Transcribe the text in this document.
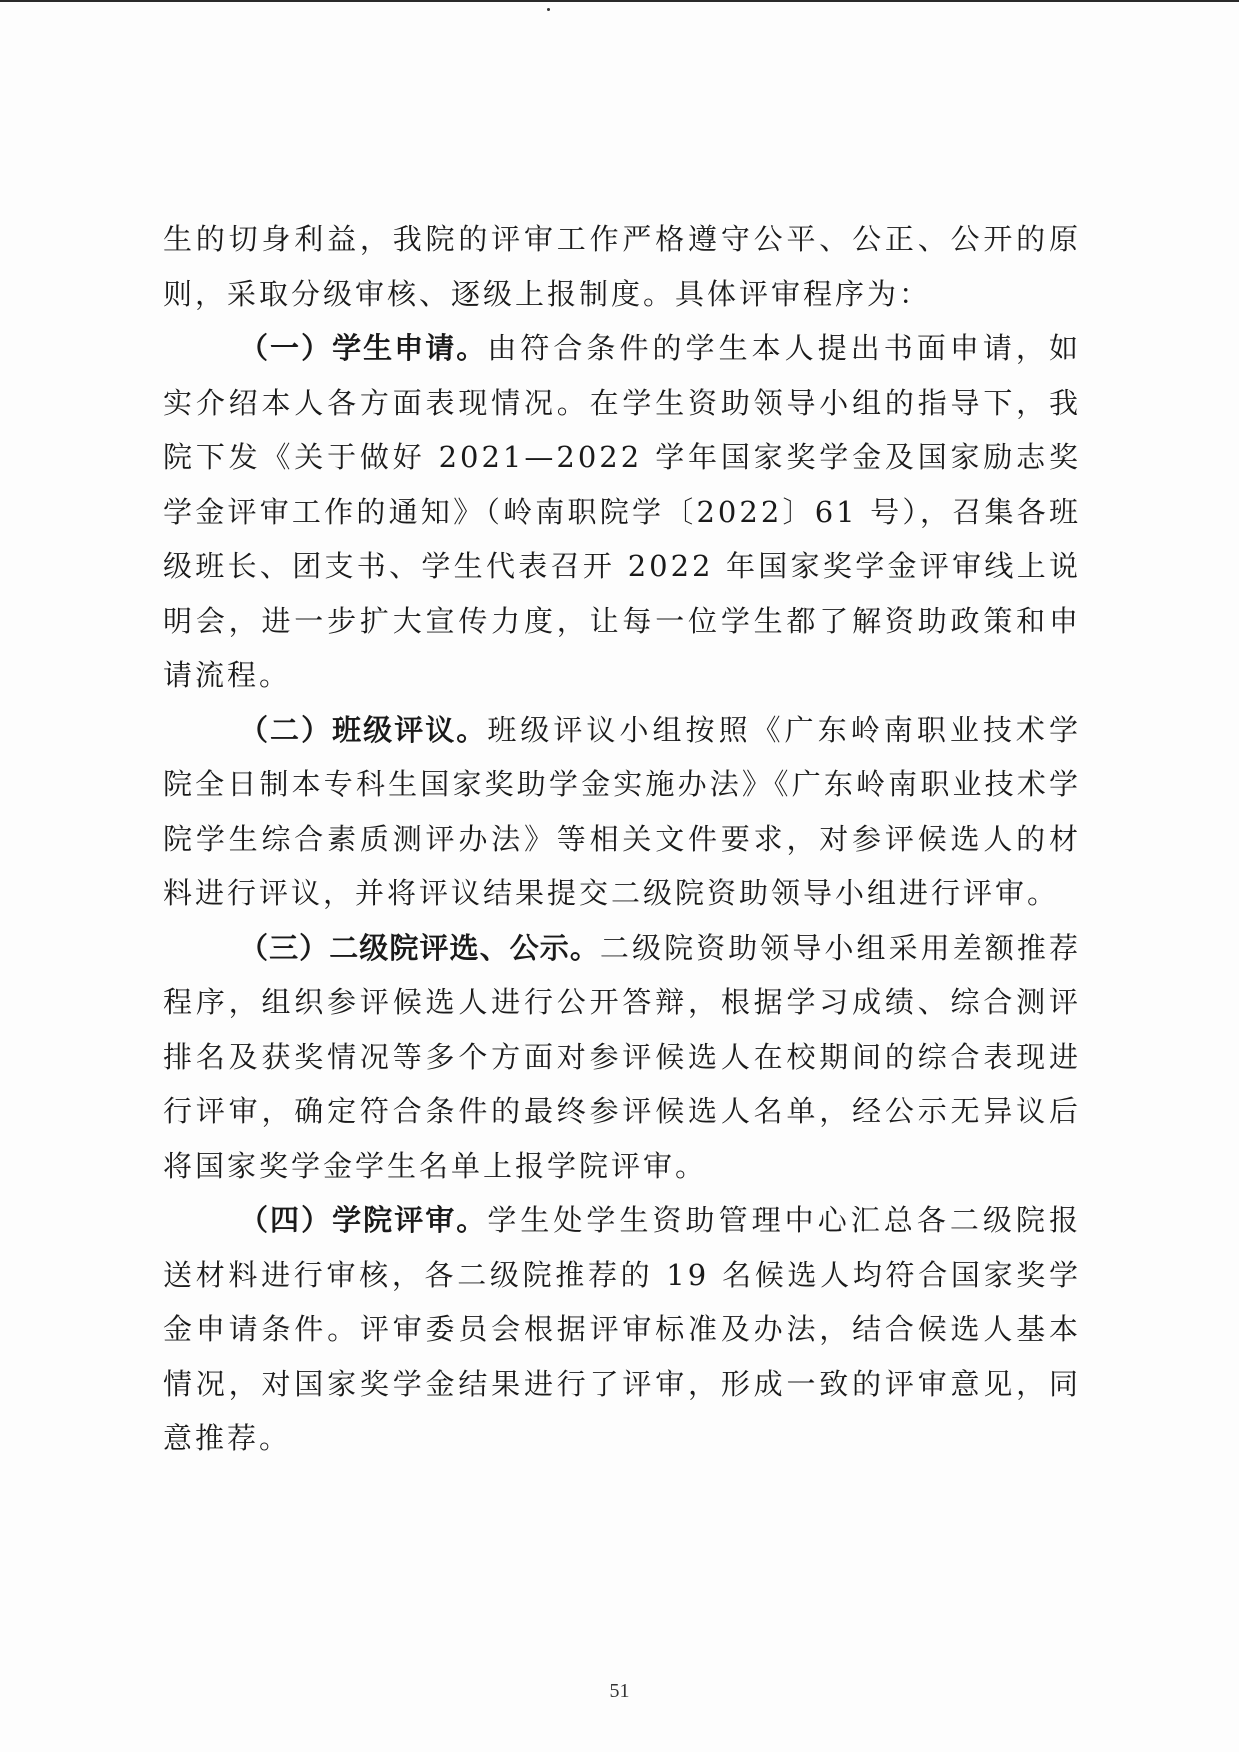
生的切身利益，我院的评审工作严格遵守公平、公正、公开的原则，采取分级审核、逐级上报制度。具体评审程序为：

（一）学生申请。由符合条件的学生本人提出书面申请，如实介绍本人各方面表现情况。在学生资助领导小组的指导下，我院下发《关于做好 2021—2022 学年国家奖学金及国家励志奖学金评审工作的通知》（岭南职院学〔2022〕61 号），召集各班级班长、团支书、学生代表召开 2022 年国家奖学金评审线上说明会，进一步扩大宣传力度，让每一位学生都了解资助政策和申请流程。

（二）班级评议。班级评议小组按照《广东岭南职业技术学院全日制本专科生国家奖助学金实施办法》《广东岭南职业技术学院学生综合素质测评办法》等相关文件要求，对参评候选人的材料进行评议，并将评议结果提交二级院资助领导小组进行评审。

（三）二级院评选、公示。二级院资助领导小组采用差额推荐程序，组织参评候选人进行公开答辩，根据学习成绩、综合测评排名及获奖情况等多个方面对参评候选人在校期间的综合表现进行评审，确定符合条件的最终参评候选人名单，经公示无异议后将国家奖学金学生名单上报学院评审。

（四）学院评审。学生处学生资助管理中心汇总各二级院报送材料进行审核，各二级院推荐的 19 名候选人均符合国家奖学金申请条件。评审委员会根据评审标准及办法，结合候选人基本情况，对国家奖学金结果进行了评审，形成一致的评审意见，同意推荐。

51
